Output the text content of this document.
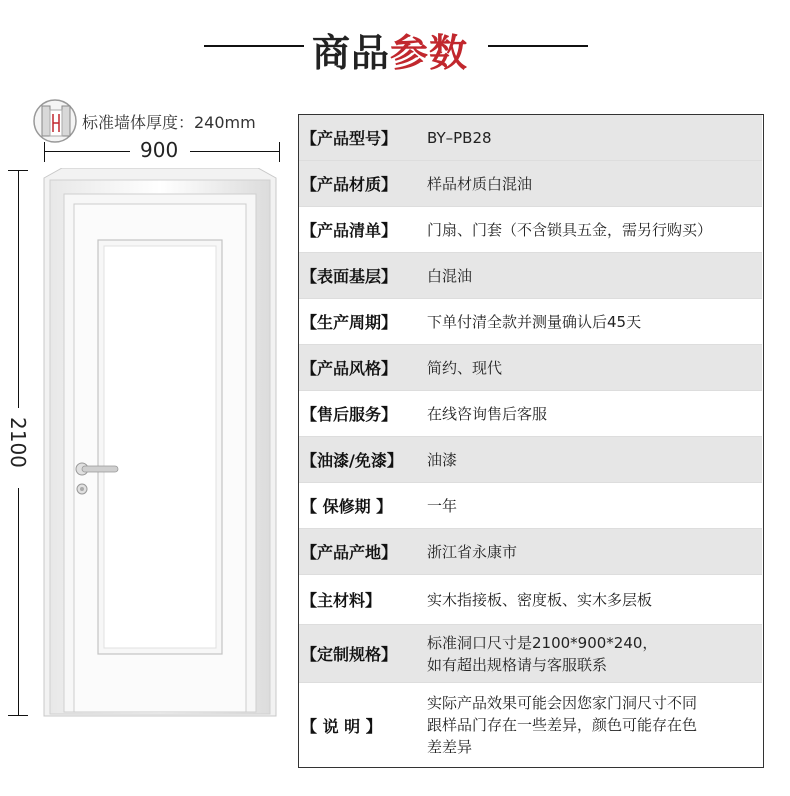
商品参数
标准墙体厚度：240mm
900
2100
【产品型号】	BY–PB28
【产品材质】	样品材质白混油
【产品清单】	门扇、门套（不含锁具五金，需另行购买）
【表面基层】	白混油
【生产周期】	下单付清全款并测量确认后45天
【产品风格】	简约、现代
【售后服务】	在线咨询售后客服
【油漆/免漆】	油漆
【 保修期 】	一年
【产品产地】	浙江省永康市
【主材料】	实木指接板、密度板、实木多层板
【定制规格】
标准洞口尺寸是2100*900*240，
如有超出规格请与客服联系
【 说 明 】
实际产品效果可能会因您家门洞尺寸不同
跟样品门存在一些差异，颜色可能存在色
差差异
